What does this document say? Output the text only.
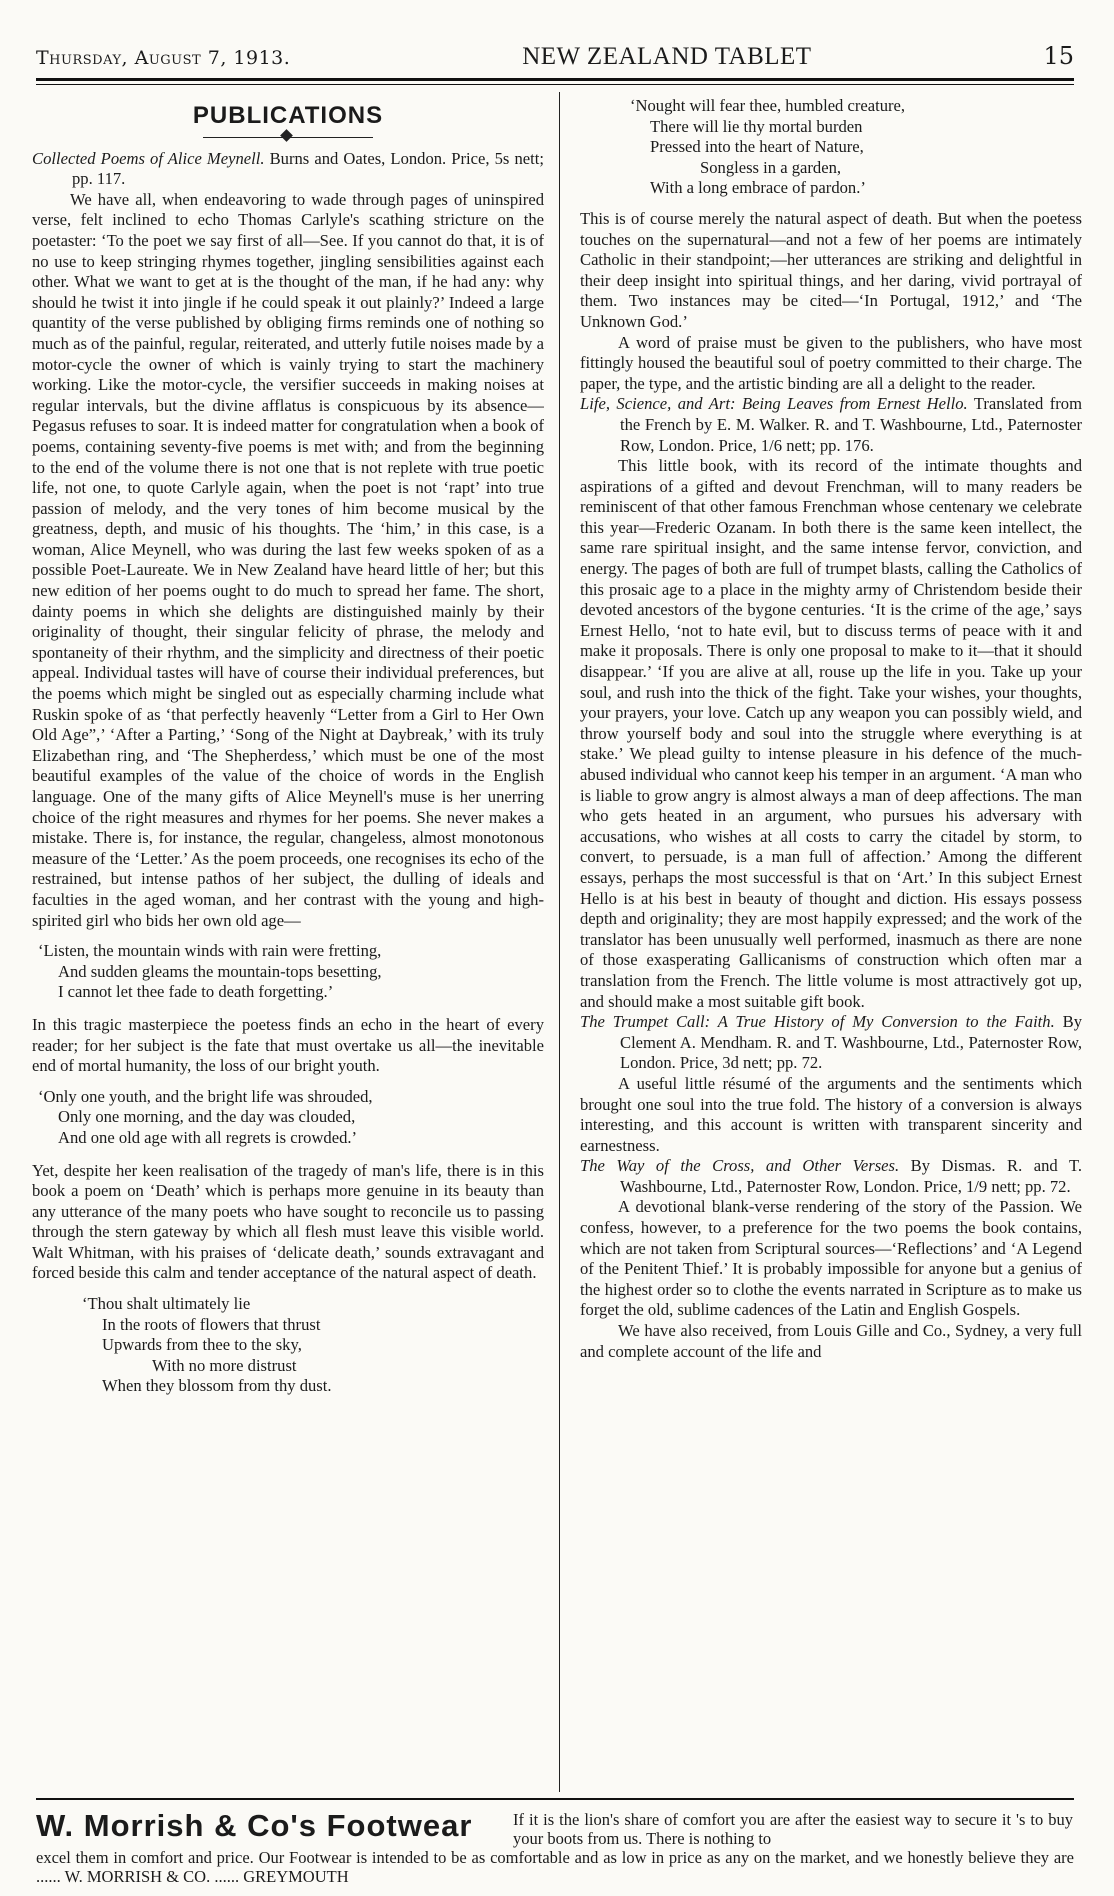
Thursday, August 7, 1913.	NEW ZEALAND TABLET	15
PUBLICATIONS

Collected Poems of Alice Meynell. Burns and Oates, London. Price, 5s nett; pp. 117.

We have all, when endeavoring to wade through pages of uninspired verse, felt inclined to echo Thomas Carlyle's scathing stricture on the poetaster: ‘To the poet we say first of all—See. If you cannot do that, it is of no use to keep stringing rhymes together, jingling sensibilities against each other. What we want to get at is the thought of the man, if he had any: why should he twist it into jingle if he could speak it out plainly?’ Indeed a large quantity of the verse published by obliging firms reminds one of nothing so much as of the painful, regular, reiterated, and utterly futile noises made by a motor-cycle the owner of which is vainly trying to start the machinery working. Like the motor-cycle, the versifier succeeds in making noises at regular intervals, but the divine afflatus is conspicuous by its absence—Pegasus refuses to soar. It is indeed matter for congratulation when a book of poems, containing seventy-five poems is met with; and from the beginning to the end of the volume there is not one that is not replete with true poetic life, not one, to quote Carlyle again, when the poet is not ‘rapt’ into true passion of melody, and the very tones of him become musical by the greatness, depth, and music of his thoughts. The ‘him,’ in this case, is a woman, Alice Meynell, who was during the last few weeks spoken of as a possible Poet-Laureate. We in New Zealand have heard little of her; but this new edition of her poems ought to do much to spread her fame. The short, dainty poems in which she delights are distinguished mainly by their originality of thought, their singular felicity of phrase, the melody and spontaneity of their rhythm, and the simplicity and directness of their poetic appeal. Individual tastes will have of course their individual preferences, but the poems which might be singled out as especially charming include what Ruskin spoke of as ‘that perfectly heavenly “Letter from a Girl to Her Own Old Age”,’ ‘After a Parting,’ ‘Song of the Night at Daybreak,’ with its truly Elizabethan ring, and ‘The Shepherdess,’ which must be one of the most beautiful examples of the value of the choice of words in the English language. One of the many gifts of Alice Meynell's muse is her unerring choice of the right measures and rhymes for her poems. She never makes a mistake. There is, for instance, the regular, changeless, almost monotonous measure of the ‘Letter.’ As the poem proceeds, one recognises its echo of the restrained, but intense pathos of her subject, the dulling of ideals and faculties in the aged woman, and her contrast with the young and high-spirited girl who bids her own old age—

‘Listen, the mountain winds with rain were fretting,
And sudden gleams the mountain-tops besetting,
I cannot let thee fade to death forgetting.’

In this tragic masterpiece the poetess finds an echo in the heart of every reader; for her subject is the fate that must overtake us all—the inevitable end of mortal humanity, the loss of our bright youth.

‘Only one youth, and the bright life was shrouded,
Only one morning, and the day was clouded,
And one old age with all regrets is crowded.’

Yet, despite her keen realisation of the tragedy of man's life, there is in this book a poem on ‘Death’ which is perhaps more genuine in its beauty than any utterance of the many poets who have sought to reconcile us to passing through the stern gateway by which all flesh must leave this visible world. Walt Whitman, with his praises of ‘delicate death,’ sounds extravagant and forced beside this calm and tender acceptance of the natural aspect of death.

‘Thou shalt ultimately lie
In the roots of flowers that thrust
Upwards from thee to the sky,
With no more distrust
When they blossom from thy dust.
‘Nought will fear thee, humbled creature,
There will lie thy mortal burden
Pressed into the heart of Nature,
Songless in a garden,
With a long embrace of pardon.’

This is of course merely the natural aspect of death. But when the poetess touches on the supernatural—and not a few of her poems are intimately Catholic in their standpoint;—her utterances are striking and delightful in their deep insight into spiritual things, and her daring, vivid portrayal of them. Two instances may be cited—‘In Portugal, 1912,’ and ‘The Unknown God.’

A word of praise must be given to the publishers, who have most fittingly housed the beautiful soul of poetry committed to their charge. The paper, the type, and the artistic binding are all a delight to the reader.

Life, Science, and Art: Being Leaves from Ernest Hello. Translated from the French by E. M. Walker. R. and T. Washbourne, Ltd., Paternoster Row, London. Price, 1/6 nett; pp. 176.

This little book, with its record of the intimate thoughts and aspirations of a gifted and devout Frenchman, will to many readers be reminiscent of that other famous Frenchman whose centenary we celebrate this year—Frederic Ozanam. In both there is the same keen intellect, the same rare spiritual insight, and the same intense fervor, conviction, and energy. The pages of both are full of trumpet blasts, calling the Catholics of this prosaic age to a place in the mighty army of Christendom beside their devoted ancestors of the bygone centuries. ‘It is the crime of the age,’ says Ernest Hello, ‘not to hate evil, but to discuss terms of peace with it and make it proposals. There is only one proposal to make to it—that it should disappear.’ ‘If you are alive at all, rouse up the life in you. Take up your soul, and rush into the thick of the fight. Take your wishes, your thoughts, your prayers, your love. Catch up any weapon you can possibly wield, and throw yourself body and soul into the struggle where everything is at stake.’ We plead guilty to intense pleasure in his defence of the much-abused individual who cannot keep his temper in an argument. ‘A man who is liable to grow angry is almost always a man of deep affections. The man who gets heated in an argument, who pursues his adversary with accusations, who wishes at all costs to carry the citadel by storm, to convert, to persuade, is a man full of affection.’ Among the different essays, perhaps the most successful is that on ‘Art.’ In this subject Ernest Hello is at his best in beauty of thought and diction. His essays possess depth and originality; they are most happily expressed; and the work of the translator has been unusually well performed, inasmuch as there are none of those exasperating Gallicanisms of construction which often mar a translation from the French. The little volume is most attractively got up, and should make a most suitable gift book.

The Trumpet Call: A True History of My Conversion to the Faith. By Clement A. Mendham. R. and T. Washbourne, Ltd., Paternoster Row, London. Price, 3d nett; pp. 72.

A useful little résumé of the arguments and the sentiments which brought one soul into the true fold. The history of a conversion is always interesting, and this account is written with transparent sincerity and earnestness.

The Way of the Cross, and Other Verses. By Dismas. R. and T. Washbourne, Ltd., Paternoster Row, London. Price, 1/9 nett; pp. 72.

A devotional blank-verse rendering of the story of the Passion. We confess, however, to a preference for the two poems the book contains, which are not taken from Scriptural sources—‘Reflections’ and ‘A Legend of the Penitent Thief.’ It is probably impossible for anyone but a genius of the highest order so to clothe the events narrated in Scripture as to make us forget the old, sublime cadences of the Latin and English Gospels.

We have also received, from Louis Gille and Co., Sydney, a very full and complete account of the life and

W. Morrish & Co's Footwear If it is the lion's share of comfort you are after the easiest way to secure it 's to buy your boots from us. There is nothing to
excel them in comfort and price. Our Footwear is intended to be as comfortable and as low in price as any on the market, and we honestly believe they are ...... W. MORRISH & CO. ...... GREYMOUTH
